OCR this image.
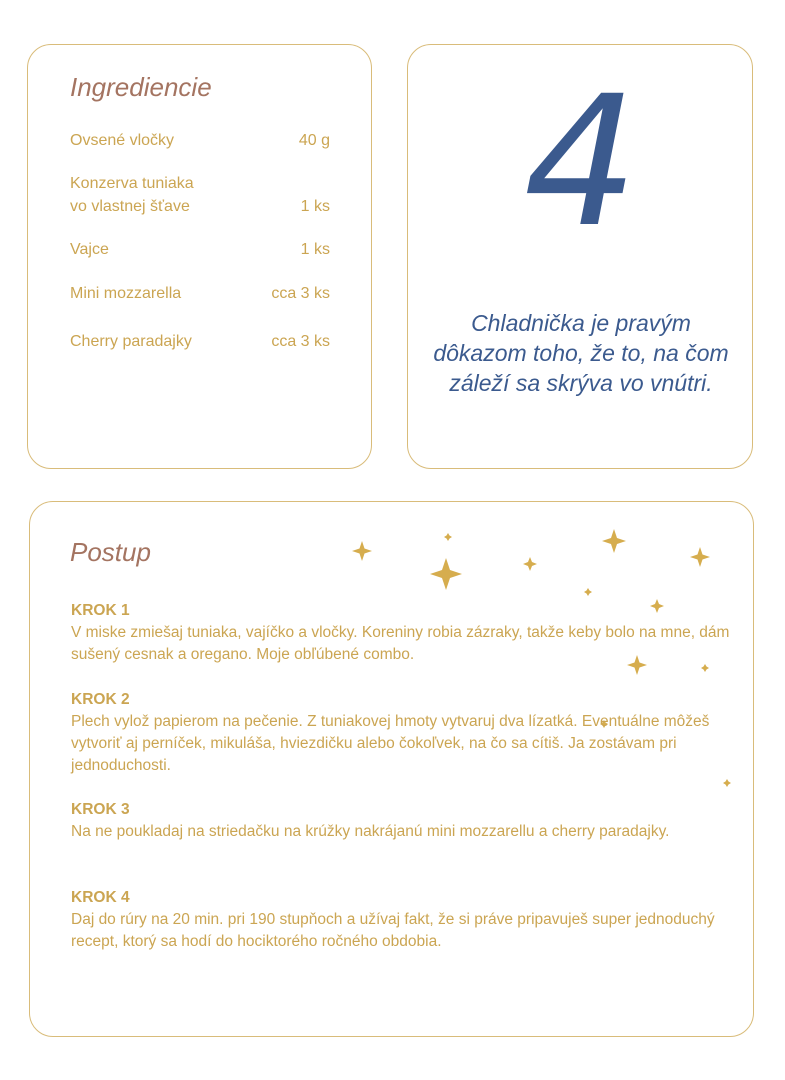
Ingrediencie
Ovsené vločky	40 g
Konzerva tuniaka
vo vlastnej šťave	1 ks
Vajce	1 ks
Mini mozzarella	cca 3 ks
Cherry paradajky	cca 3 ks
4
Chladnička je pravým dôkazom toho, že to, na čom záleží sa skrýva vo vnútri.
Postup
KROK 1
V miske zmiešaj tuniaka, vajíčko a vločky. Koreniny robia zázraky, takže keby bolo na mne, dám sušený cesnak a oregano. Moje obľúbené combo.
KROK 2
Plech vylož papierom na pečenie. Z tuniakovej hmoty vytvaruj dva lízatká. Eventuálne môžeš vytvoriť aj perníček, mikuláša, hviezdičku alebo čokoľvek, na čo sa cítiš. Ja zostávam pri jednoduchosti.
KROK 3
Na ne poukladaj na striedačku na krúžky nakrájanú mini mozzarellu a cherry paradajky.
KROK 4
Daj do rúry na 20 min. pri 190 stupňoch a užívaj fakt, že si práve pripavuješ super jednoduchý recept, ktorý sa hodí do hociktorého ročného obdobia.
